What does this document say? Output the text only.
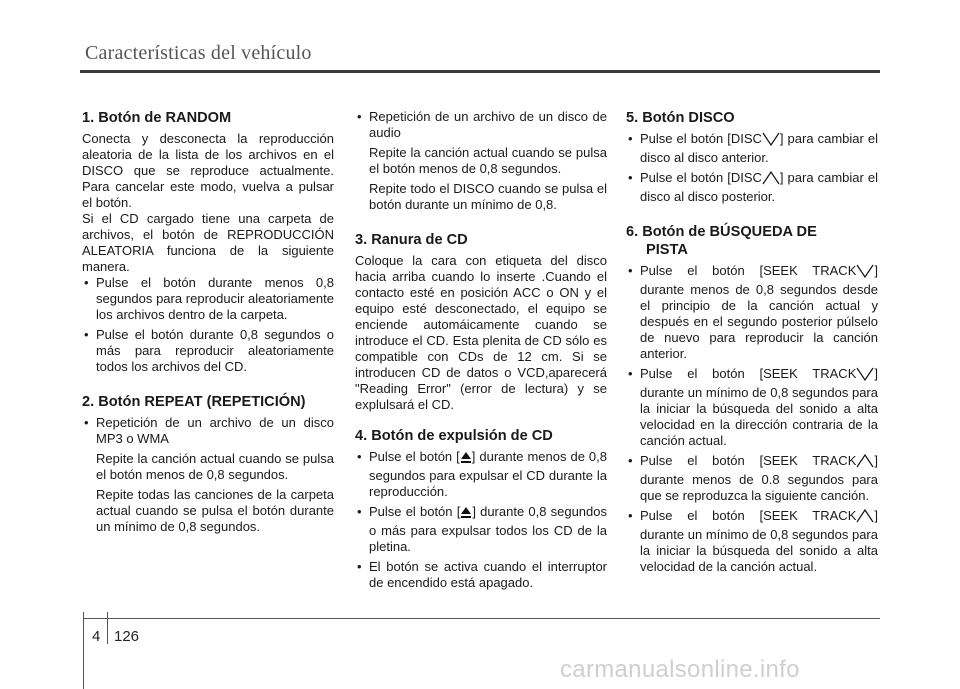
Características del vehículo
1. Botón de RANDOM

Conecta y desconecta la reproducción aleatoria de la lista de los archivos en el DISCO que se reproduce actualmente. Para cancelar este modo, vuelva a pulsar el botón.

Si el CD cargado tiene una carpeta de archivos, el botón de REPRODUCCIÓN ALEATORIA funciona de la siguiente manera.

• Pulse el botón durante menos 0,8 segundos para reproducir aleatoriamente los archivos dentro de la carpeta.
• Pulse el botón durante 0,8 segundos o más para reproducir aleatoriamente todos los archivos del CD.
2. Botón REPEAT (REPETICIÓN)
• Repetición de un archivo de un disco MP3 o WMA
Repite la canción actual cuando se pulsa el botón menos de 0,8 segundos.
Repite todas las canciones de la carpeta actual cuando se pulsa el botón durante un mínimo de 0,8 segundos.
• Repetición de un archivo de un disco de audio
Repite la canción actual cuando se pulsa el botón menos de 0,8 segundos.
Repite todo el DISCO cuando se pulsa el botón durante un mínimo de 0,8.
3. Ranura de CD

Coloque la cara con etiqueta del disco hacia arriba cuando lo inserte .Cuando el contacto esté en posición ACC o ON y el equipo esté desconectado, el equipo se enciende automáicamente cuando se introduce el CD. Esta plenita de CD sólo es compatible con CDs de 12 cm. Si se introducen CD de datos o VCD,aparecerá "Reading Error" (error de lectura) y se explulsará el CD.

4. Botón de expulsión de CD
• Pulse el botón [ ] durante menos de 0,8 segundos para expulsar el CD durante la reproducción.
• Pulse el botón [ ] durante 0,8 segundos o más para expulsar todos los CD de la pletina.
• El botón se activa cuando el interruptor de encendido está apagado.
5. Botón DISCO
• Pulse el botón [DISC ] para cambiar el disco al disco anterior.
• Pulse el botón [DISC ] para cambiar el disco al disco posterior.
6. Botón de BÚSQUEDA DE
PISTA
• Pulse el botón [SEEK TRACK ] durante menos de 0,8 segundos desde el principio de la canción actual y después en el segundo posterior púlselo de nuevo para reproducir la canción anterior.
• Pulse el botón [SEEK TRACK ] durante un mínimo de 0,8 segundos para la iniciar la búsqueda del sonido a alta velocidad en la dirección contraria de la canción actual.
• Pulse el botón [SEEK TRACK ] durante menos de 0.8 segundos para que se reproduzca la siguiente canción.
• Pulse el botón [SEEK TRACK ] durante un mínimo de 0,8 segundos para la iniciar la búsqueda del sonido a alta velocidad de la canción actual.
4 126
carmanualsonline.info
